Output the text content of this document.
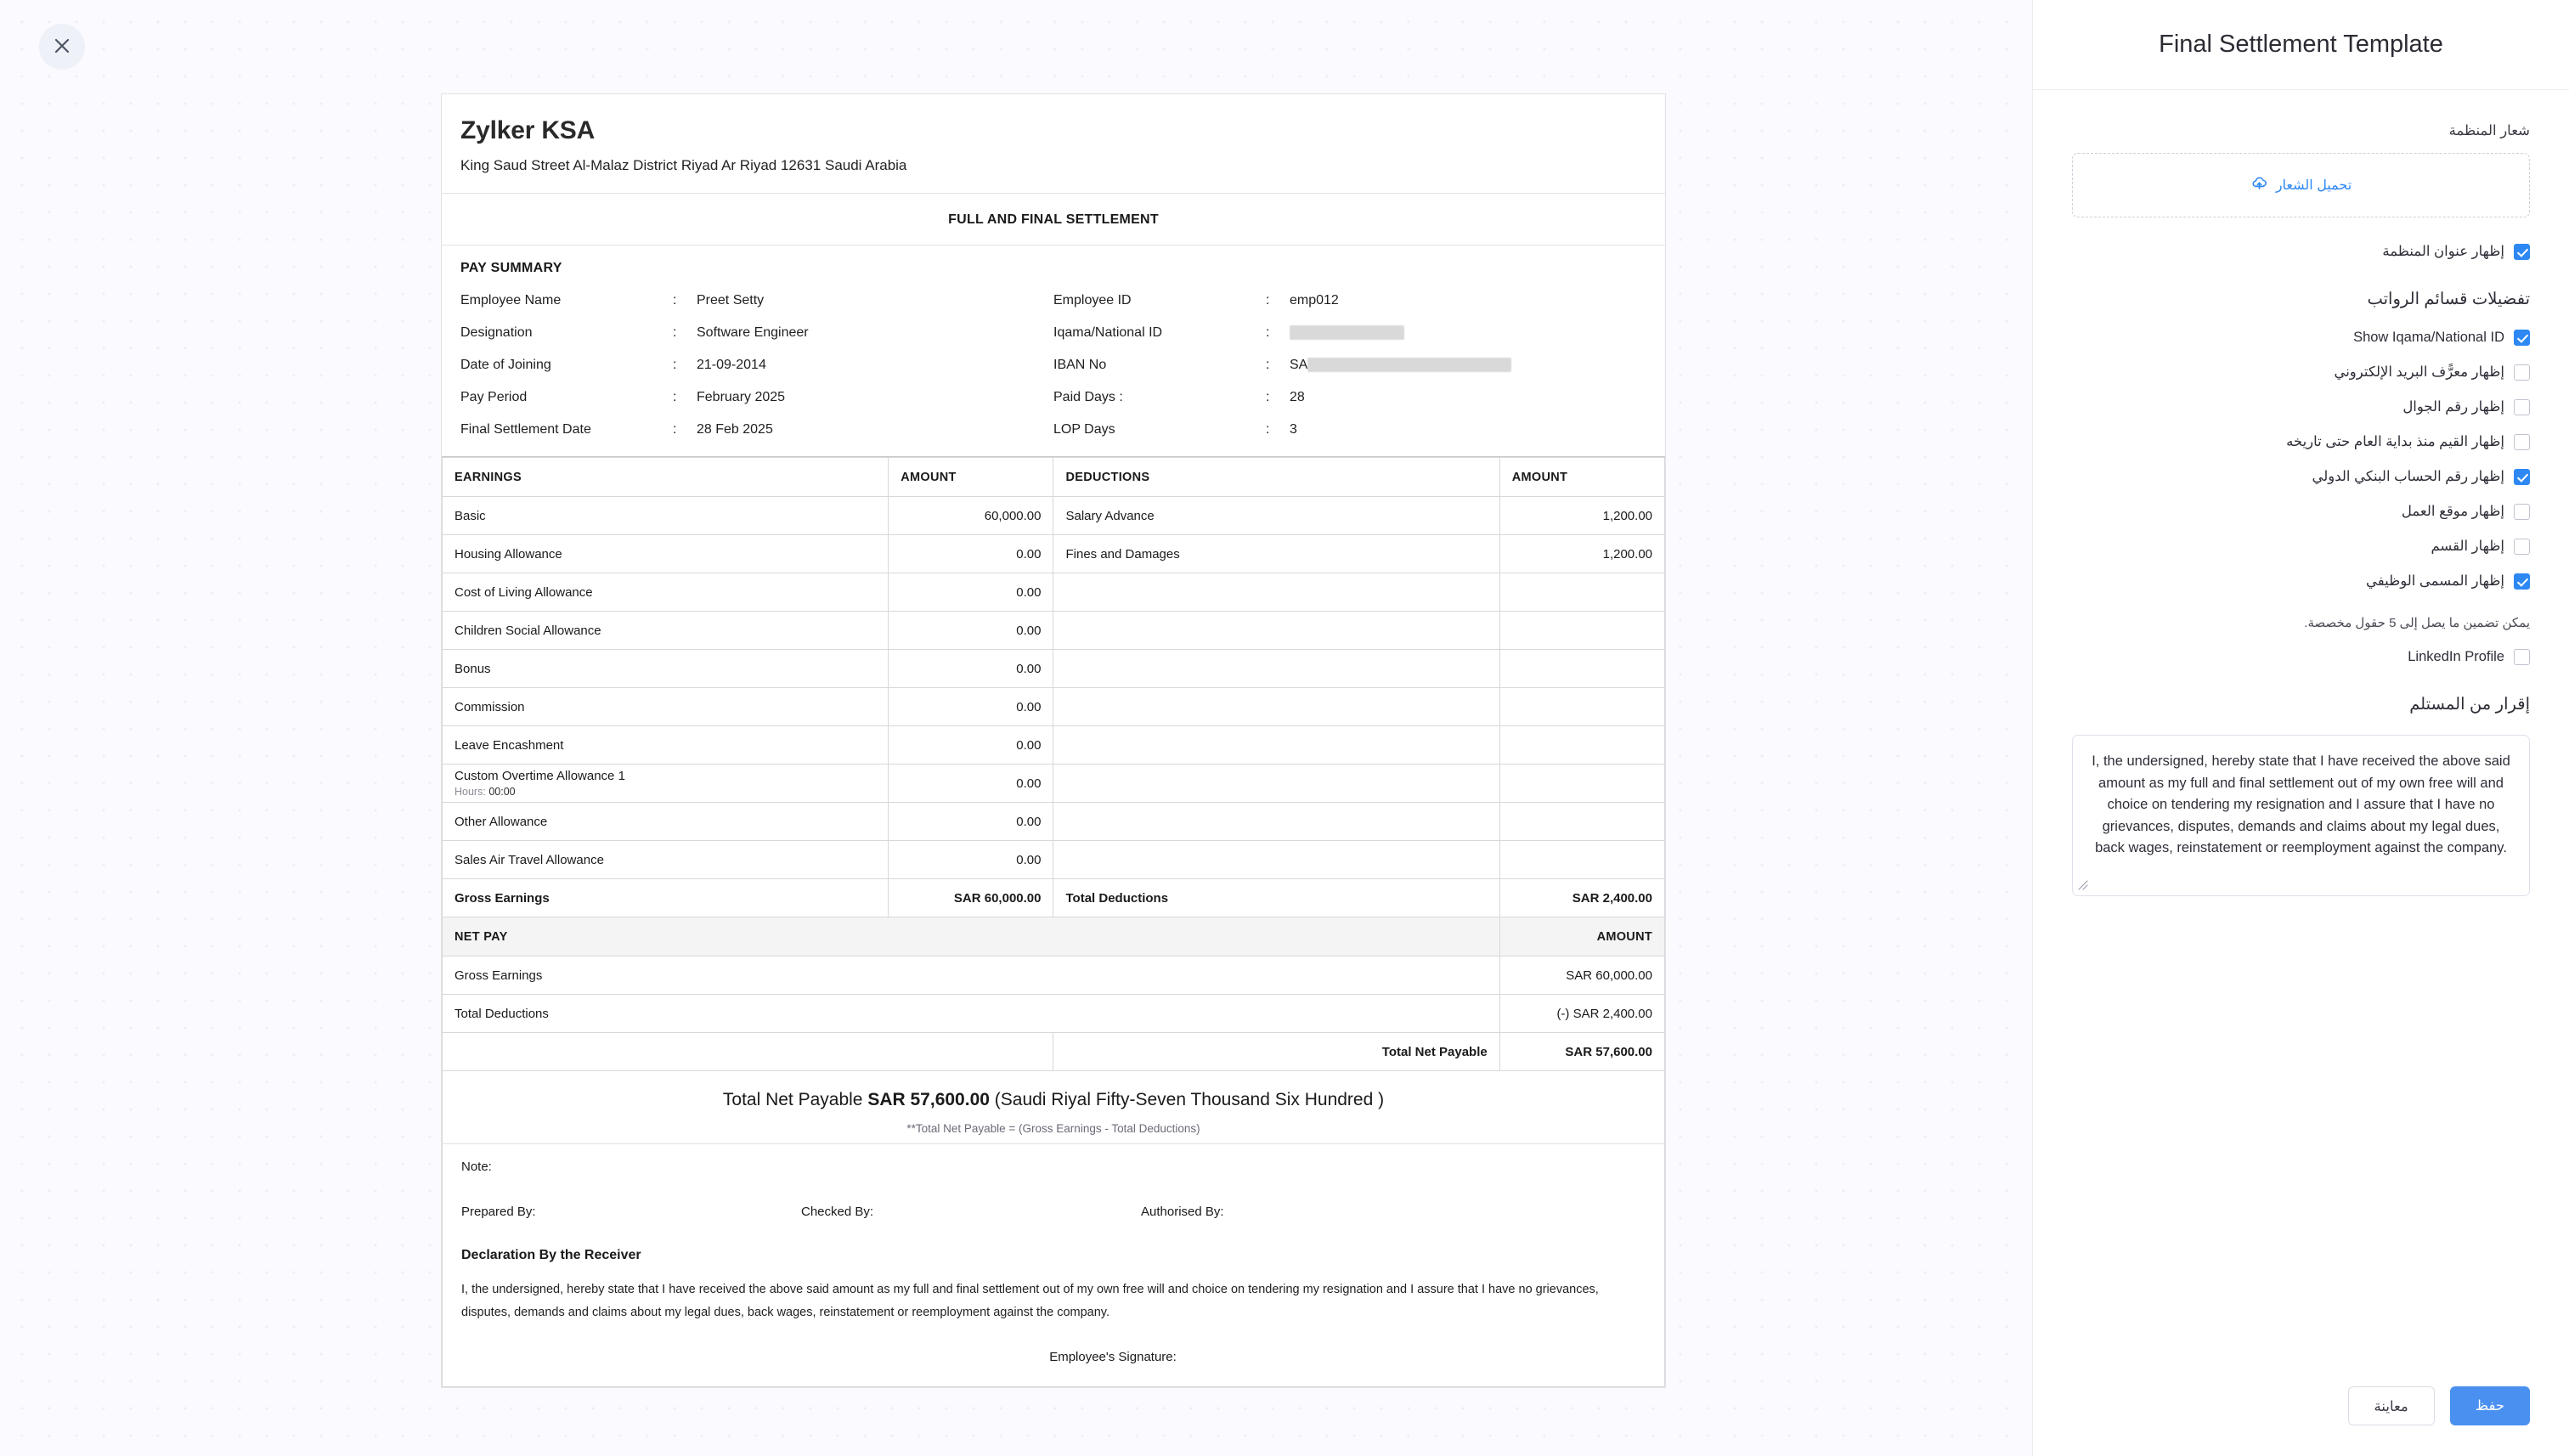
Zylker KSA
King Saud Street Al-Malaz District Riyad Ar Riyad 12631 Saudi Arabia
FULL AND FINAL SETTLEMENT
PAY SUMMARY
Employee Name	:	Preet Setty	Employee ID	:	emp012
Designation	:	Software Engineer	Iqama/National ID	:
Date of Joining	:	21-09-2014	IBAN No	:	SA
Pay Period	:	February 2025	Paid Days :	:	28
Final Settlement Date	:	28 Feb 2025	LOP Days	:	3
EARNINGS	AMOUNT	DEDUCTIONS	AMOUNT
Basic	60,000.00	Salary Advance	1,200.00
Housing Allowance	0.00	Fines and Damages	1,200.00
Cost of Living Allowance	0.00		
Children Social Allowance	0.00		
Bonus	0.00		
Commission	0.00		
Leave Encashment	0.00		
Custom Overtime Allowance 1
Hours: 00:00	0.00		
Other Allowance	0.00		
Sales Air Travel Allowance	0.00		
Gross Earnings	SAR 60,000.00	Total Deductions	SAR 2,400.00
NET PAY			AMOUNT
Gross Earnings			SAR 60,000.00
Total Deductions			(-) SAR 2,400.00
		Total Net Payable	SAR 57,600.00
Total Net Payable SAR 57,600.00 (Saudi Riyal Fifty-Seven Thousand Six Hundred )
**Total Net Payable = (Gross Earnings - Total Deductions)
Note:
Prepared By:	Checked By:	Authorised By:
Declaration By the Receiver
I, the undersigned, hereby state that I have received the above said amount as my full and final settlement out of my own free will and choice on tendering my resignation and I assure that I have no grievances, disputes, demands and claims about my legal dues, back wages, reinstatement or reemployment against the company.
Employee's Signature:
Final Settlement Template
شعار المنظمة
تحميل الشعار
إظهار عنوان المنظمة
تفضيلات قسائم الرواتب
Show Iqama/National ID
إظهار معرًّف البريد الإلكتروني
إظهار رقم الجوال
إظهار القيم منذ بداية العام حتى تاريخه
إظهار رقم الحساب البنكي الدولي
إظهار موقع العمل
إظهار القسم
إظهار المسمى الوظيفي
يمكن تضمين ما يصل إلى 5 حقول مخصصة.
LinkedIn Profile
إقرار من المستلم
I, the undersigned, hereby state that I have received the above said amount as my full and final settlement out of my own free will and choice on tendering my resignation and I assure that I have no grievances, disputes, demands and claims about my legal dues, back wages, reinstatement or reemployment against the company.
حفظ
معاينة
